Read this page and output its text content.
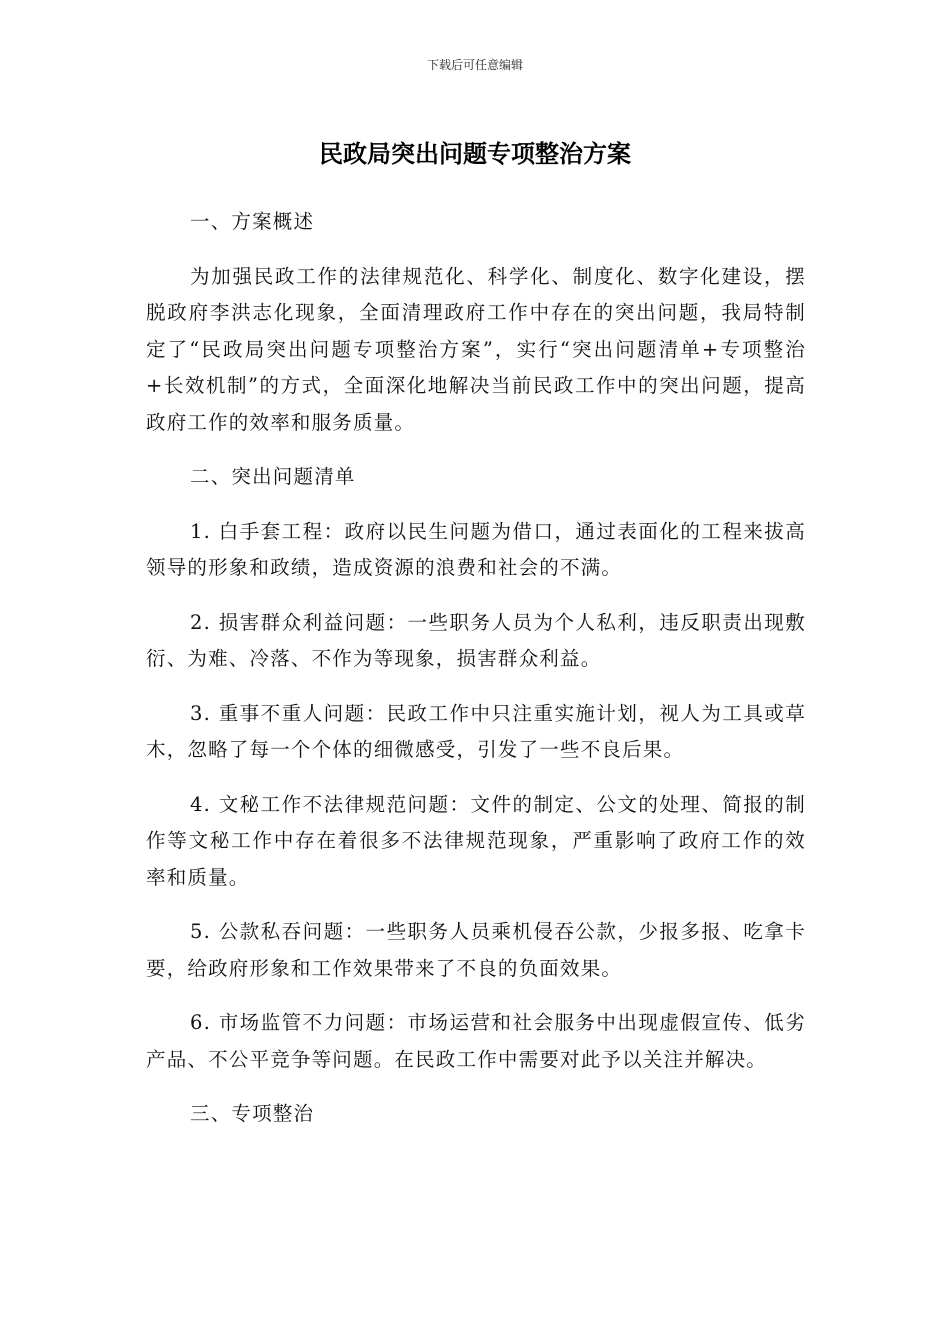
下载后可任意编辑
民政局突出问题专项整治方案

一、方案概述

为加强民政工作的法律规范化、科学化、制度化、数字化建设，摆脱政府李洪志化现象，全面清理政府工作中存在的突出问题，我局特制定了“民政局突出问题专项整治方案”，实行“突出问题清单+专项整治+长效机制”的方式，全面深化地解决当前民政工作中的突出问题，提高政府工作的效率和服务质量。

二、突出问题清单

1. 白手套工程：政府以民生问题为借口，通过表面化的工程来拔高领导的形象和政绩，造成资源的浪费和社会的不满。

2. 损害群众利益问题：一些职务人员为个人私利，违反职责出现敷衍、为难、冷落、不作为等现象，损害群众利益。

3. 重事不重人问题：民政工作中只注重实施计划，视人为工具或草木，忽略了每一个个体的细微感受，引发了一些不良后果。

4. 文秘工作不法律规范问题：文件的制定、公文的处理、简报的制作等文秘工作中存在着很多不法律规范现象，严重影响了政府工作的效率和质量。

5. 公款私吞问题：一些职务人员乘机侵吞公款，少报多报、吃拿卡要，给政府形象和工作效果带来了不良的负面效果。

6. 市场监管不力问题：市场运营和社会服务中出现虚假宣传、低劣产品、不公平竞争等问题。在民政工作中需要对此予以关注并解决。

三、专项整治
